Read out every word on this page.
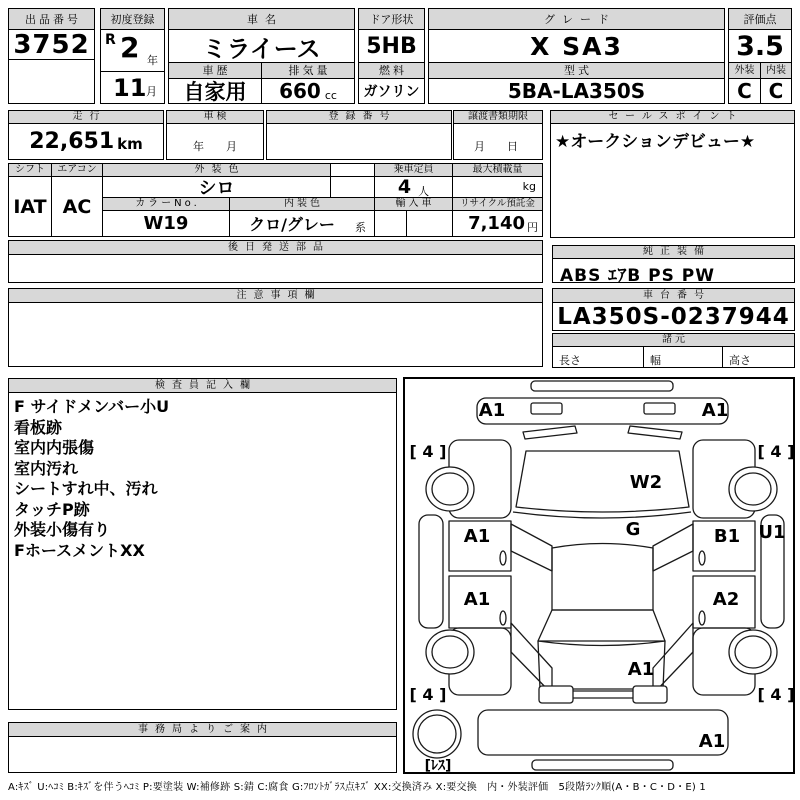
出品番号
3752
初度登録
R 2 年
11 月
車名
ミライース
車歴
自家用
排気量
660 cc
ドア形状
5HB
燃料
ガソリン
グレード
X SA3
型式
5BA-LA350S
評価点
3.5
外装	内装
C C
走行
22,651 km
車検
年　　月
登録番号	譲渡書類期限
月　　日
セールスポイント
★オークションデビュー★
シフト
IAT
エアコン
AC
外装色
シロ
カラーNo.	内装色
W19	クロ/グレー	系
乗車定員
4 人
輸入車
最大積載量
kg
リサイクル預託金
7,140 円
後日発送部品	純正装備
ABS ｴｱB PS PW
注意事項欄	車台番号
LA350S-0237944
諸元
長さ	幅	高さ
検査員記入欄
F サイドメンバー小U
看板跡
室内内張傷
室内汚れ
シートすれ中、汚れ
タッチP跡
外装小傷有り
FホースメントXX
事務局よりご案内
A1	A1
[ 4 ]	[ 4 ]
W2
G
A1	B1 U1
A1	A2
A1
[ 4 ]	[ 4 ]
A1
[ﾚｽ]
A:ｷｽﾞ U:ﾍｺﾐ B:ｷｽﾞを伴うﾍｺﾐ P:要塗装 W:補修跡 S:錆 C:腐食 G:ﾌﾛﾝﾄｶﾞﾗｽ点ｷｽﾞ XX:交換済み X:要交換　内・外装評価　5段階ﾗﾝｸ順(A・B・C・D・E) 1
